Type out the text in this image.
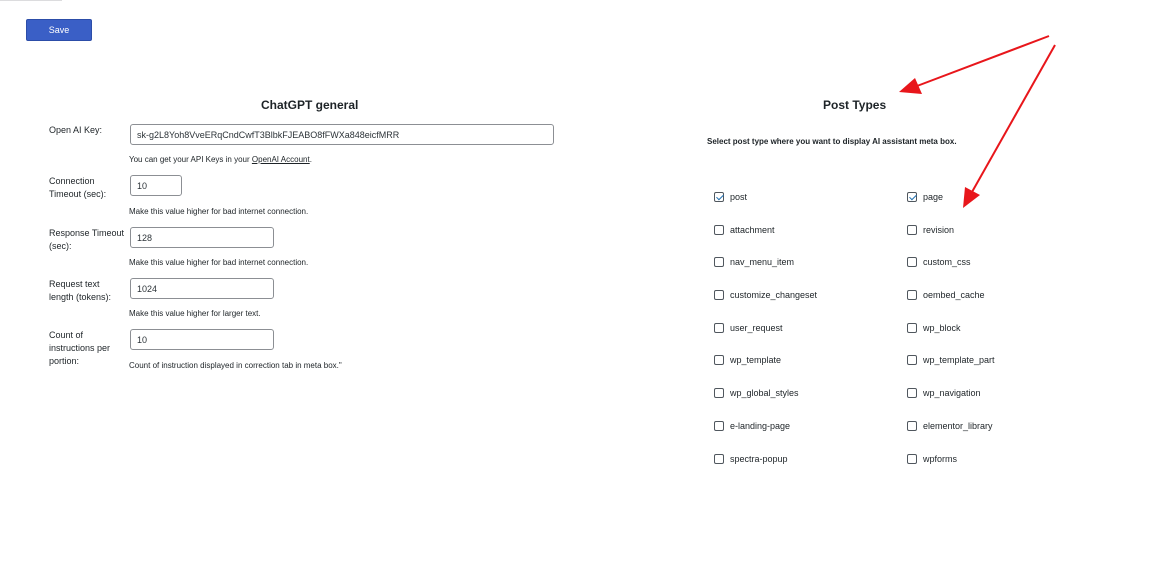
Save
ChatGPT general
Open AI Key:
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
You can get your API Keys in your OpenAI Account.
Connection Timeout (sec):
10
Make this value higher for bad internet connection.
Response Timeout (sec):
128
Make this value higher for bad internet connection.
Request text length (tokens):
1024
Make this value higher for larger text.
Count of instructions per portion:
10	Count of instruction displayed in correction tab in meta box."
Post Types
Select post type where you want to display AI assistant meta box.
post	page
attachment	revision
nav_menu_item	custom_css
customize_changeset	oembed_cache
user_request	wp_block
wp_template	wp_template_part
wp_global_styles	wp_navigation
e-landing-page	elementor_library
spectra-popup	wpforms
